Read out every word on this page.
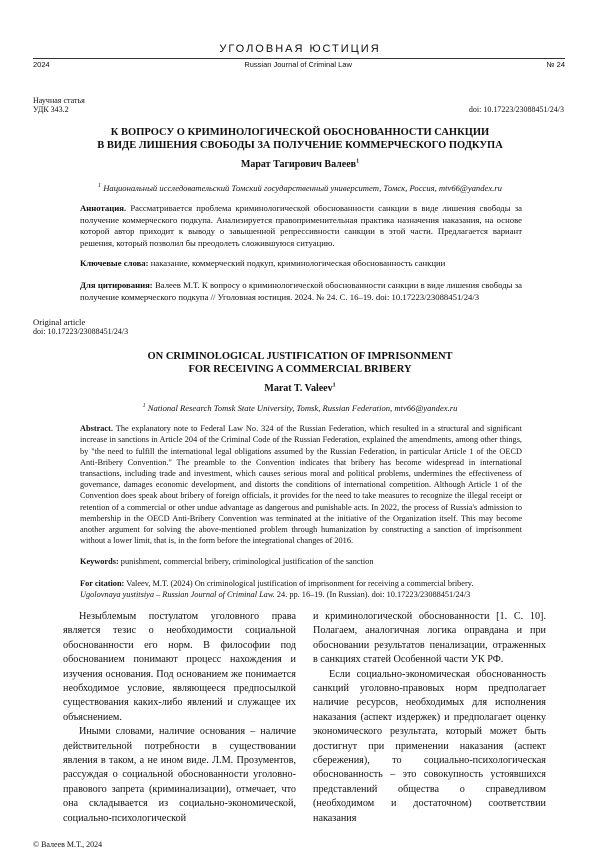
УГОЛОВНАЯ ЮСТИЦИЯ
2024	Russian Journal of Criminal Law	№ 24
Научная статья
УДК 343.2	doi: 10.17223/23088451/24/3
К ВОПРОСУ О КРИМИНОЛОГИЧЕСКОЙ ОБОСНОВАННОСТИ САНКЦИИ
В ВИДЕ ЛИШЕНИЯ СВОБОДЫ ЗА ПОЛУЧЕНИЕ КОММЕРЧЕСКОГО ПОДКУПА
Марат Тагирович Валеев1
1 Национальный исследовательский Томский государственный университет, Томск, Россия, mtv66@yandex.ru
Аннотация. Рассматривается проблема криминологической обоснованности санкции в виде лишения свободы за получение коммерческого подкупа. Анализируется правоприменительная практика назначения наказания, на основе которой автор приходит к выводу о завышенной репрессивности санкции в этой части. Предлагается вариант решения, который позволил бы преодолеть сложившуюся ситуацию.
Ключевые слова: наказание, коммерческий подкуп, криминологическая обоснованность санкции
Для цитирования: Валеев М.Т. К вопросу о криминологической обоснованности санкции в виде лишения свободы за получение коммерческого подкупа // Уголовная юстиция. 2024. № 24. С. 16–19. doi: 10.17223/23088451/24/3
Original article
doi: 10.17223/23088451/24/3
ON CRIMINOLOGICAL JUSTIFICATION OF IMPRISONMENT
FOR RECEIVING A COMMERCIAL BRIBERY
Marat T. Valeev1
1 National Research Tomsk State University, Tomsk, Russian Federation, mtv66@yandex.ru
Abstract. The explanatory note to Federal Law No. 324 of the Russian Federation, which resulted in a structural and significant increase in sanctions in Article 204 of the Criminal Code of the Russian Federation, explained the amendments, among other things, by "the need to fulfill the international legal obligations assumed by the Russian Federation, in particular Article 1 of the OECD Anti-Bribery Convention." The preamble to the Convention indicates that bribery has become widespread in international transactions, including trade and investment, which causes serious moral and political problems, undermines the effectiveness of governance, damages economic development, and distorts the conditions of international competition. Although Article 1 of the Convention does speak about bribery of foreign officials, it provides for the need to take measures to recognize the illegal receipt or retention of a commercial or other undue advantage as dangerous and punishable acts. In 2022, the process of Russia's admission to membership in the OECD Anti-Bribery Convention was terminated at the initiative of the Organization itself. This may become another argument for solving the above-mentioned problem through humanization by constructing a sanction of imprisonment without a lower limit, that is, in the form before the integrational changes of 2016.
Keywords: punishment, commercial bribery, criminological justification of the sanction
For citation: Valeev, M.T. (2024) On criminological justification of imprisonment for receiving a commercial bribery.
Ugolovnaya yustitsiya – Russian Journal of Criminal Law. 24. pp. 16–19. (In Russian). doi: 10.17223/23088451/24/3

Незыблемым постулатом уголовного права является тезис о необходимости социальной обоснованности его норм. В философии под обоснованием понимают процесс нахождения и изучения основания. Под основанием же понимается необходимое условие, являющееся предпосылкой существования каких-либо явлений и служащее их объяснением.

Иными словами, наличие основания – наличие действительной потребности в существовании явления в таком, а не ином виде. Л.М. Прозументов, рассуждая о социальной обоснованности уголовно-правового запрета (криминализации), отмечает, что она складывается из социально-экономической, социально-психологической

и криминологической обоснованности [1. С. 10]. Полагаем, аналогичная логика оправдана и при обосновании результатов пенализации, отраженных в санкциях статей Особенной части УК РФ.

Если социально-экономическая обоснованность санкций уголовно-правовых норм предполагает наличие ресурсов, необходимых для исполнения наказания (аспект издержек) и предполагает оценку экономического результата, который может быть достигнут при применении наказания (аспект сбережения), то социально-психологическая обоснованность – это совокупность устоявшихся представлений общества о справедливом (необходимом и достаточном) соответствии наказания

© Валеев М.Т., 2024
